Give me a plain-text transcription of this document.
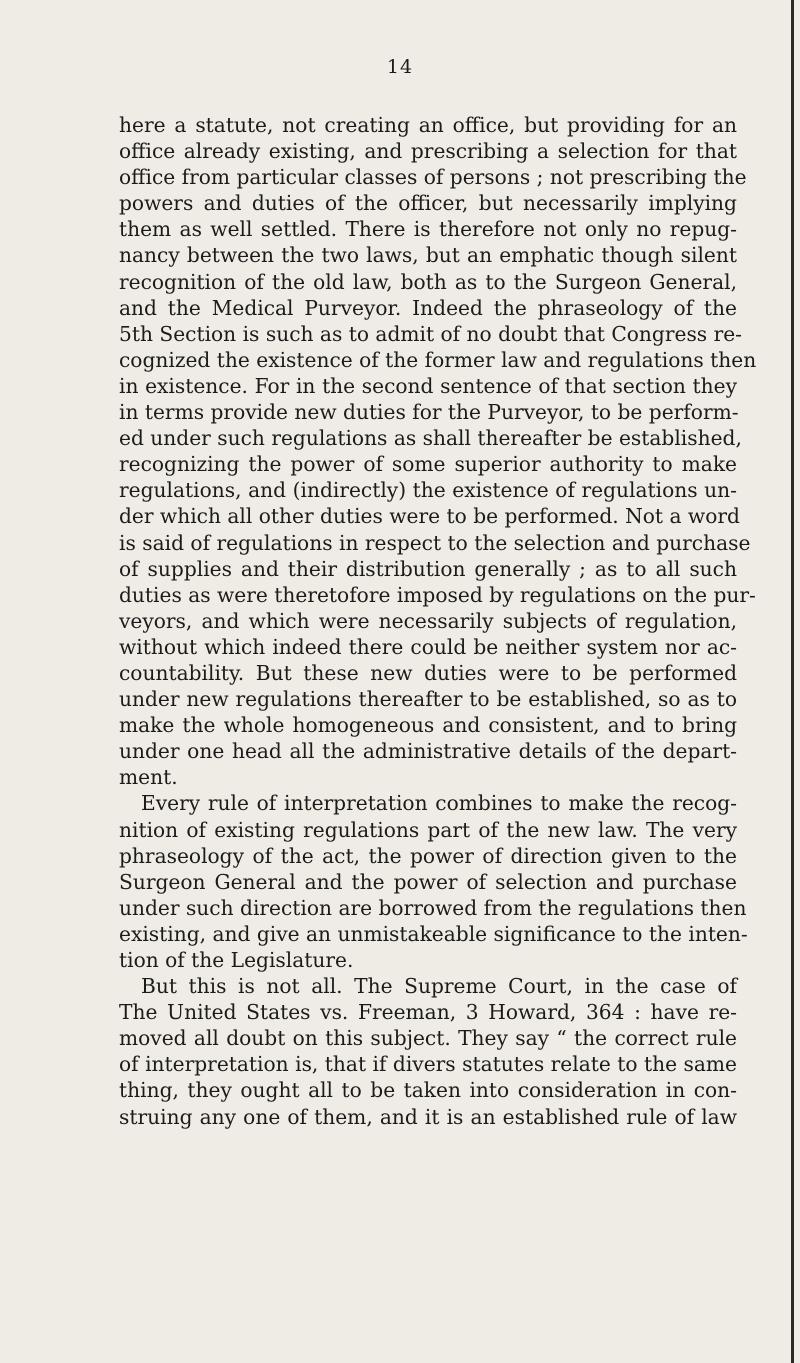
14
here a statute, not creating an office, but providing for an
office already existing, and prescribing a selection for that
office from particular classes of persons ; not prescribing the
powers and duties of the officer, but necessarily implying
them as well settled. There is therefore not only no repug-
nancy between the two laws, but an emphatic though silent
recognition of the old law, both as to the Surgeon General,
and the Medical Purveyor. Indeed the phraseology of the
5th Section is such as to admit of no doubt that Congress re-
cognized the existence of the former law and regulations then
in existence. For in the second sentence of that section they
in terms provide new duties for the Purveyor, to be perform-
ed under such regulations as shall thereafter be established,
recognizing the power of some superior authority to make
regulations, and (indirectly) the existence of regulations un-
der which all other duties were to be performed. Not a word
is said of regulations in respect to the selection and purchase
of supplies and their distribution generally ; as to all such
duties as were theretofore imposed by regulations on the pur-
veyors, and which were necessarily subjects of regulation,
without which indeed there could be neither system nor ac-
countability. But these new duties were to be performed
under new regulations thereafter to be established, so as to
make the whole homogeneous and consistent, and to bring
under one head all the administrative details of the depart-
ment.
Every rule of interpretation combines to make the recog-
nition of existing regulations part of the new law. The very
phraseology of the act, the power of direction given to the
Surgeon General and the power of selection and purchase
under such direction are borrowed from the regulations then
existing, and give an unmistakeable significance to the inten-
tion of the Legislature.
But this is not all. The Supreme Court, in the case of
The United States vs. Freeman, 3 Howard, 364 : have re-
moved all doubt on this subject. They say “ the correct rule
of interpretation is, that if divers statutes relate to the same
thing, they ought all to be taken into consideration in con-
struing any one of them, and it is an established rule of law
